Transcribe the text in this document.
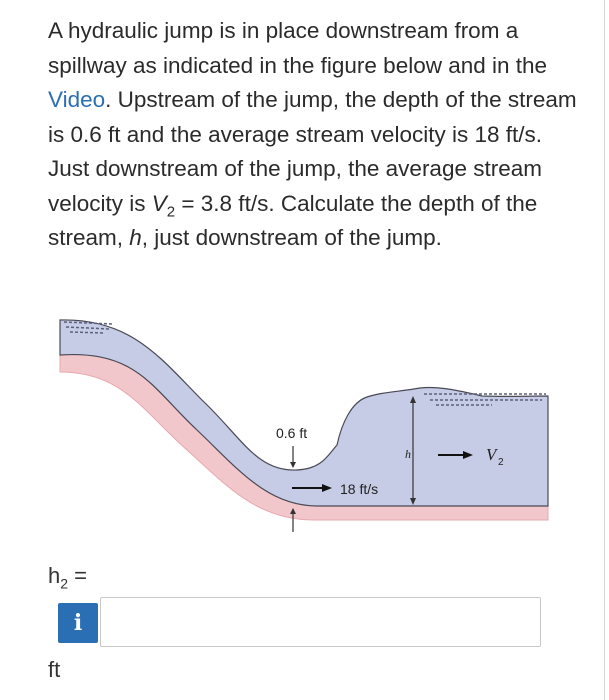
A hydraulic jump is in place downstream from a spillway as indicated in the figure below and in the Video. Upstream of the jump, the depth of the stream is 0.6 ft and the average stream velocity is 18 ft/s. Just downstream of the jump, the average stream velocity is $V_2 = 3.8$ ft/s. Calculate the depth of the stream, h, just downstream of the jump.
0.6 ft
18 ft/s
h	V 2
$h_2$ =
i
ft
